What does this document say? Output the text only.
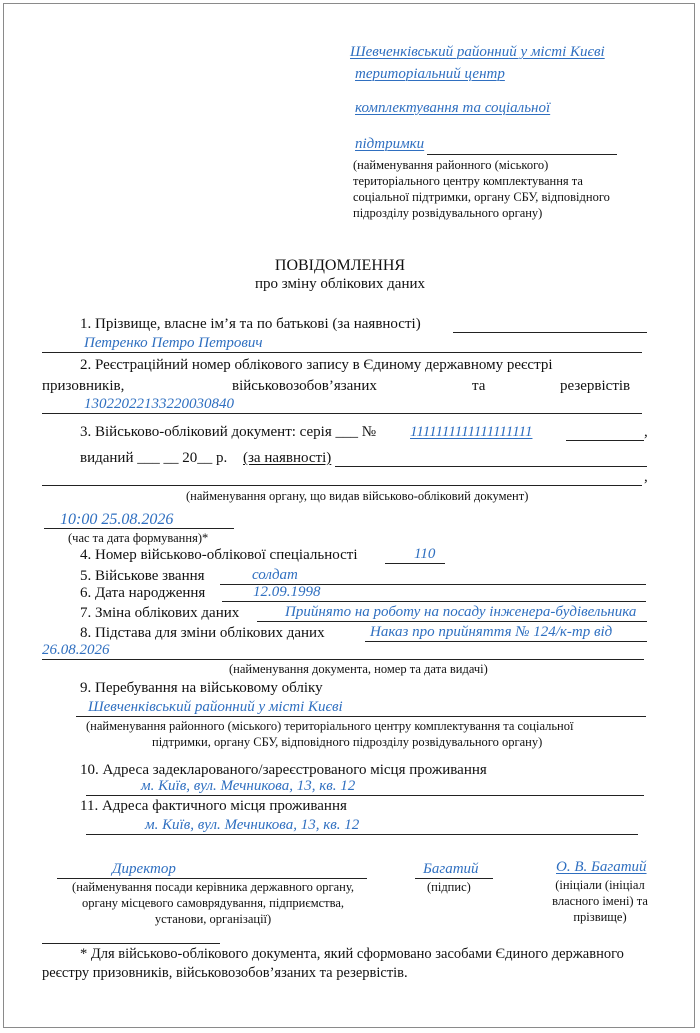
Шевченківський районний у місті Києві
територіальний центр
комплектування та соціальної
підтримки
(найменування районного (міського)
територіального центру комплектування та
соціальної підтримки, органу СБУ, відповідного
підрозділу розвідувального органу)
ПОВІДОМЛЕННЯ
про зміну облікових даних
1. Прізвище, власне ім’я та по батькові (за наявності)
Петренко Петро Петрович
2. Реєстраційний номер облікового запису в Єдиному державному реєстрі
призовників,	військовозобов’язаних	та	резервістів
13022022133220030840
3. Військово-обліковий документ: серія ___ № 1111111111111111111	,
виданий ___ __ 20__ р. (за наявності)
,
(найменування органу, що видав військово-обліковий документ)
10:00 25.08.2026
(час та дата формування)*
4. Номер військово-облікової спеціальності	110
5. Військове звання	солдат
6. Дата народження	12.09.1998
7. Зміна облікових даних	Прийнято на роботу на посаду інженера-будівельника
8. Підстава для зміни облікових даних	Наказ про прийняття № 124/к-тр від
26.08.2026
(найменування документа, номер та дата видачі)
9. Перебування на військовому обліку
Шевченківський районний у місті Києві
(найменування районного (міського) територіального центру комплектування та соціальної
підтримки, органу СБУ, відповідного підрозділу розвідувального органу)
10. Адреса задекларованого/зареєстрованого місця проживання
м. Київ, вул. Мечникова, 13, кв. 12
11. Адреса фактичного місця проживання
м. Київ, вул. Мечникова, 13, кв. 12
Директор
(найменування посади керівника державного органу,
органу місцевого самоврядування, підприємства,
установи, організації)
Багатий
(підпис)
О. В. Багатий
(ініціали (ініціал
власного імені) та
прізвище)
* Для військово-облікового документа, який сформовано засобами Єдиного державного
реєстру призовників, військовозобов’язаних та резервістів.
